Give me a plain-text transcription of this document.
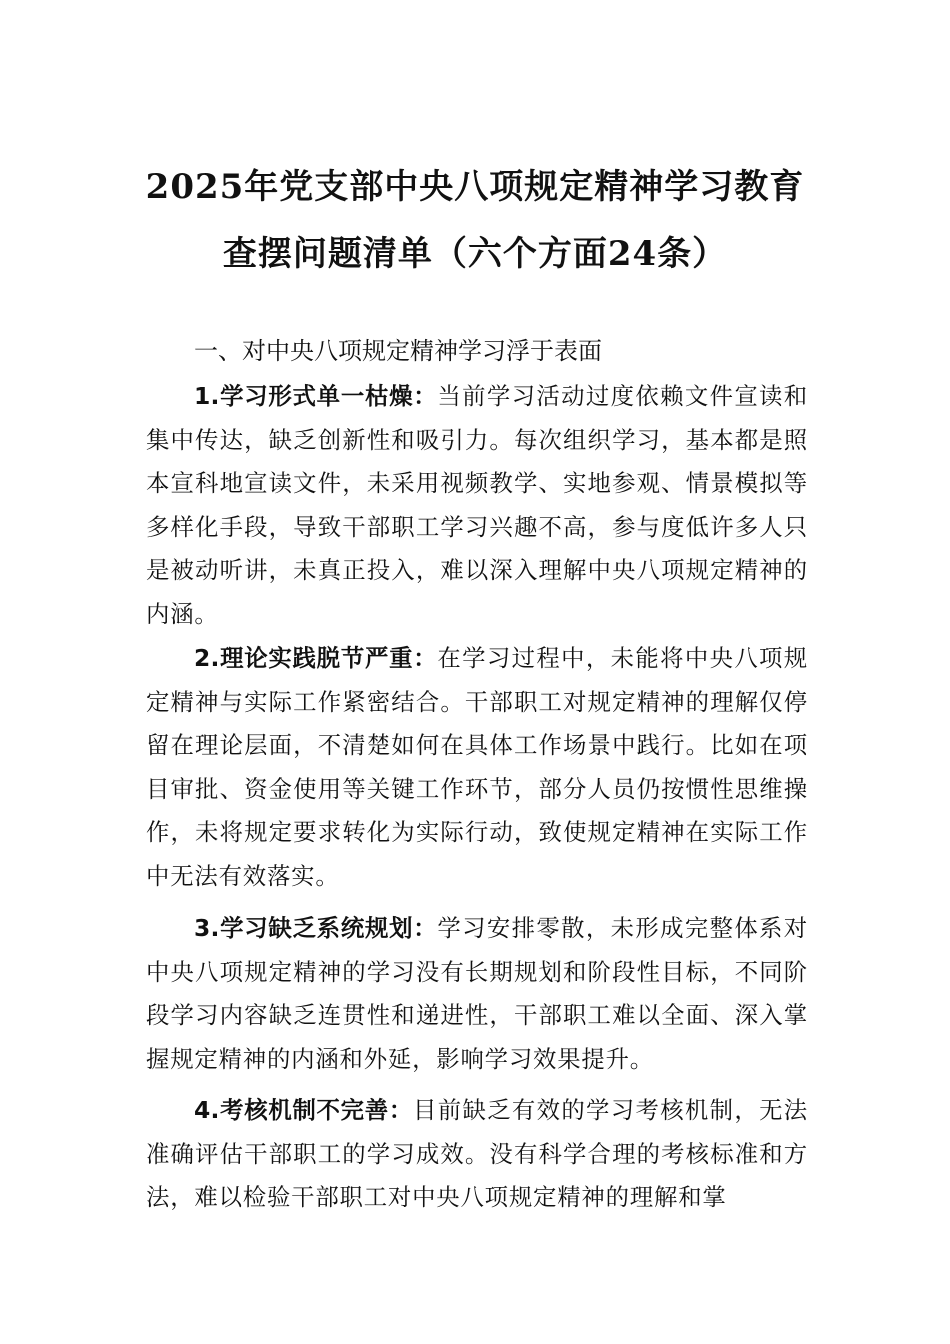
2025年党支部中央八项规定精神学习教育
查摆问题清单（六个方面24条）
一、对中央八项规定精神学习浮于表面
1.学习形式单一枯燥：当前学习活动过度依赖文件宣读和集中传达，缺乏创新性和吸引力。每次组织学习，基本都是照本宣科地宣读文件，未采用视频教学、实地参观、情景模拟等多样化手段，导致干部职工学习兴趣不高，参与度低许多人只是被动听讲，未真正投入，难以深入理解中央八项规定精神的内涵。
2.理论实践脱节严重：在学习过程中，未能将中央八项规定精神与实际工作紧密结合。干部职工对规定精神的理解仅停留在理论层面，不清楚如何在具体工作场景中践行。比如在项目审批、资金使用等关键工作环节，部分人员仍按惯性思维操作，未将规定要求转化为实际行动，致使规定精神在实际工作中无法有效落实。
3.学习缺乏系统规划：学习安排零散，未形成完整体系对中央八项规定精神的学习没有长期规划和阶段性目标，不同阶段学习内容缺乏连贯性和递进性，干部职工难以全面、深入掌握规定精神的内涵和外延，影响学习效果提升。
4.考核机制不完善：目前缺乏有效的学习考核机制，无法准确评估干部职工的学习成效。没有科学合理的考核标准和方法，难以检验干部职工对中央八项规定精神的理解和掌
